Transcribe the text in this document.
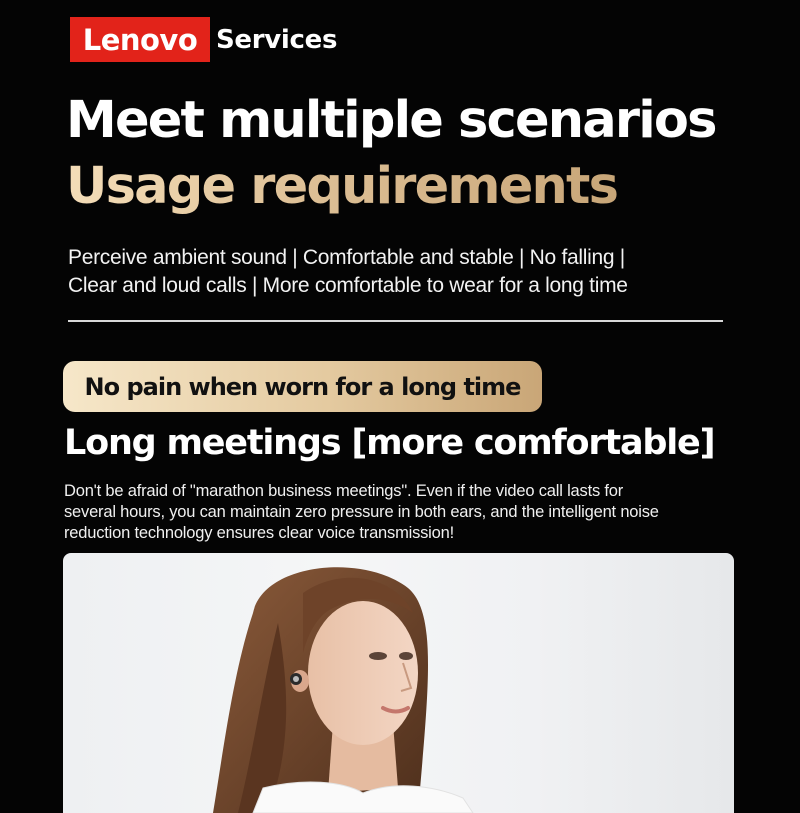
Lenovo Services
Meet multiple scenarios
Usage requirements
Perceive ambient sound | Comfortable and stable | No falling |
Clear and loud calls | More comfortable to wear for a long time
No pain when worn for a long time
Long meetings [more comfortable]
Don't be afraid of "marathon business meetings". Even if the video call lasts for
several hours, you can maintain zero pressure in both ears, and the intelligent noise
reduction technology ensures clear voice transmission!
